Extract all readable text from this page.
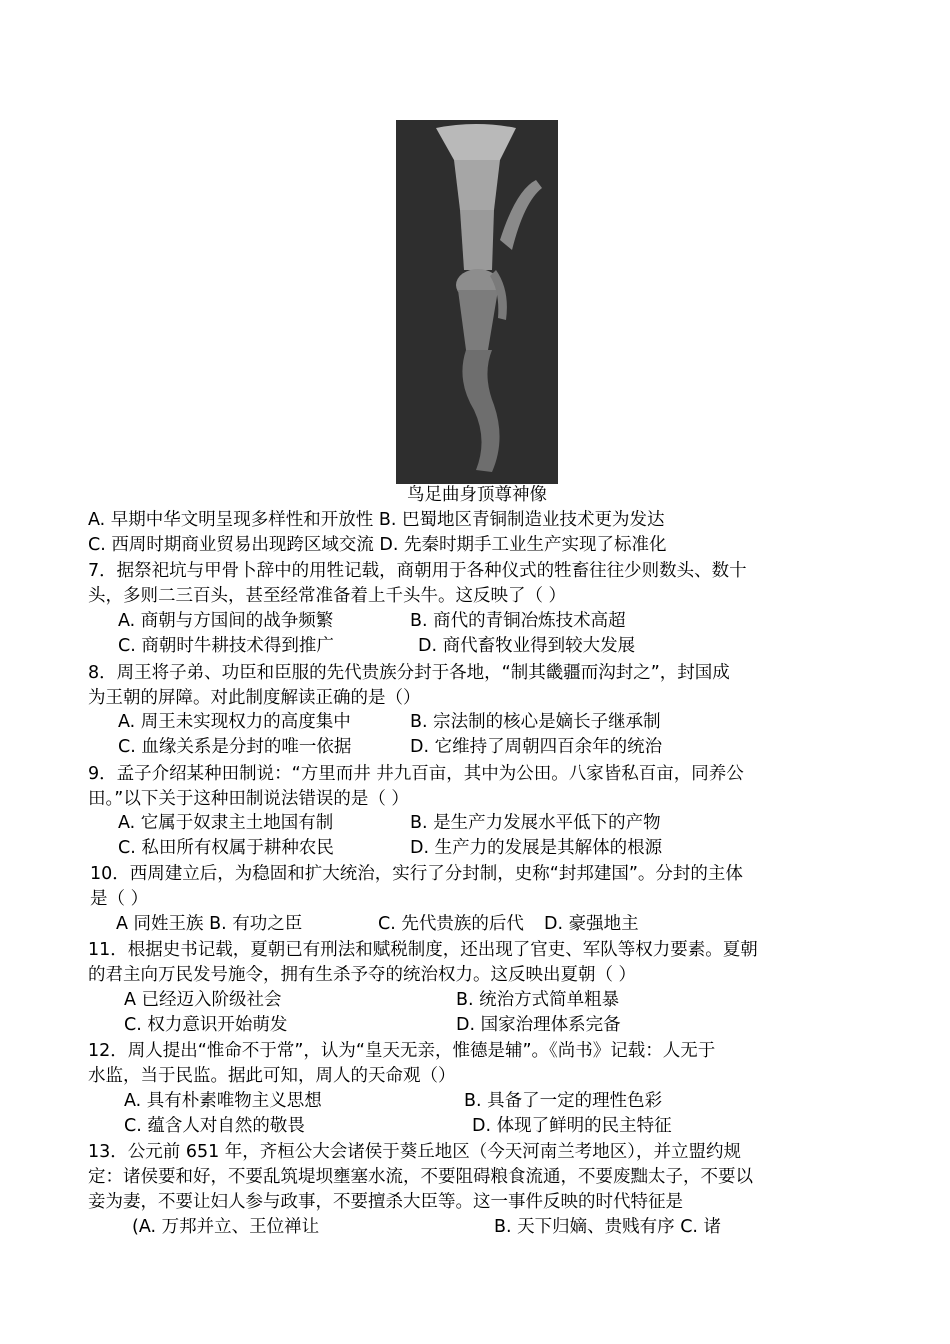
鸟足曲身顶尊神像
A. 早期中华文明呈现多样性和开放性 B. 巴蜀地区青铜制造业技术更为发达
C. 西周时期商业贸易出现跨区域交流 D. 先秦时期手工业生产实现了标准化
7．据祭祀坑与甲骨卜辞中的用牲记载，商朝用于各种仪式的牲畜往往少则数头、数十
头，多则二三百头，甚至经常准备着上千头牛。这反映了（ ）
A. 商朝与方国间的战争频繁	B. 商代的青铜冶炼技术高超
C. 商朝时牛耕技术得到推广	D. 商代畜牧业得到较大发展
8．周王将子弟、功臣和臣服的先代贵族分封于各地，“制其畿疆而沟封之”，封国成
为王朝的屏障。对此制度解读正确的是（）
A. 周王未实现权力的高度集中	B. 宗法制的核心是嫡长子继承制
C. 血缘关系是分封的唯一依据	D. 它维持了周朝四百余年的统治
9．孟子介绍某种田制说：“方里而井 井九百亩，其中为公田。八家皆私百亩，同养公
田。”以下关于这种田制说法错误的是（ ）
A. 它属于奴隶主土地国有制	B. 是生产力发展水平低下的产物
C. 私田所有权属于耕种农民	D. 生产力的发展是其解体的根源
10．西周建立后，为稳固和扩大统治，实行了分封制，史称“封邦建国”。分封的主体
是（ ）
A 同姓王族 B. 有功之臣	C. 先代贵族的后代 D. 豪强地主
11．根据史书记载，夏朝已有刑法和赋税制度，还出现了官吏、军队等权力要素。夏朝
的君主向万民发号施令，拥有生杀予夺的统治权力。这反映出夏朝（ ）
A 已经迈入阶级社会	B. 统治方式简单粗暴
C. 权力意识开始萌发	D. 国家治理体系完备
12．周人提出“惟命不于常”，认为“皇天无亲，惟德是辅”。《尚书》记载：人无于
水监，当于民监。据此可知，周人的天命观（）
A. 具有朴素唯物主义思想	B. 具备了一定的理性色彩
C. 蕴含人对自然的敬畏	D. 体现了鲜明的民主特征
13．公元前 651 年，齐桓公大会诸侯于葵丘地区（今天河南兰考地区），并立盟约规
定：诸侯要和好，不要乱筑堤坝壅塞水流，不要阻碍粮食流通，不要废黜太子，不要以
妾为妻，不要让妇人参与政事，不要擅杀大臣等。这一事件反映的时代特征是
(A. 万邦并立、王位禅让	B. 天下归嫡、贵贱有序 C. 诸
